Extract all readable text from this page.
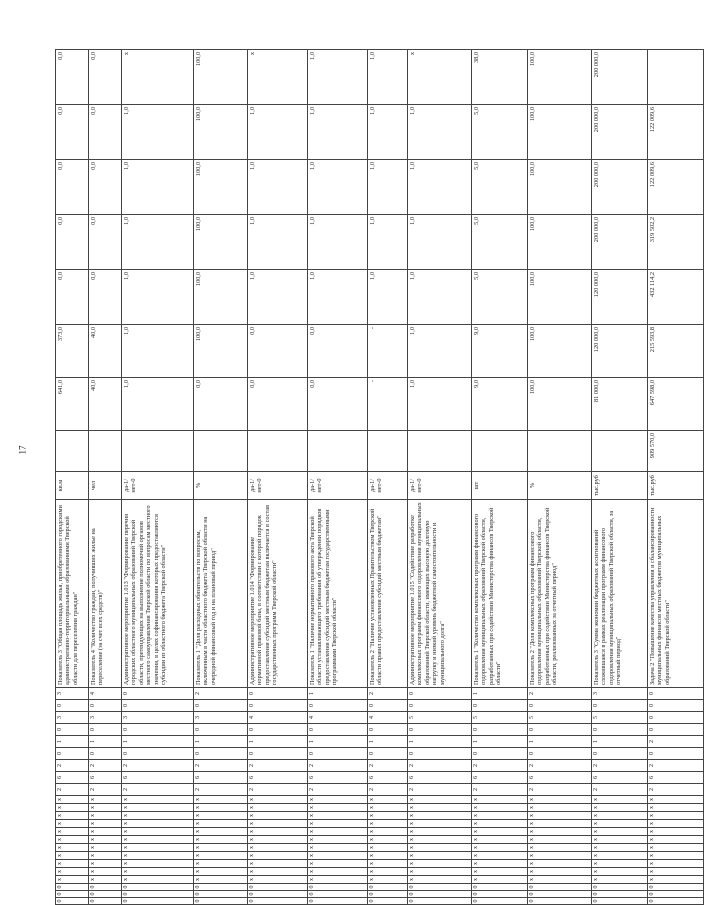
17
0	0	0	х	х	х	х	х	х	х	х	х	х	х	2	6	2	0	1	0	3	0	3	Показатель 3 "Общая площадь жилья, приобретенного городскими административно-территориальными образованиями Тверской области для переселения граждан"	кв.м		641,0	373,0	0,0	0,0	0,0	0,0	0,0
0	0	0	х	х	х	х	х	х	х	х	х	х	х	2	6	2	0	1	0	3	0	4	Показатель 4 "Количество граждан, получивших жилье на переселение (за счет всех средств)"	чел		40,0	40,0	0,0	0,0	0,0	0,0	0,0
0	0	0	х	х	х	х	х	х	х	х	х	х	х	2	6	2	0	1	0	3	0	0	Административное мероприятие 1.013 "Формирование перечня городских областного муниципальных образований Тверской области, претендующих на выполнение полномочий органов местного самоуправления Тверской области по вопросам местного значения, в целях софинансирования которых предоставляются субсидии из областного бюджета Тверской области"	да-1/нет-0		1,0	1,0	1,0	1,0	1,0	1,0	х
0	0	0	х	х	х	х	х	х	х	х	х	х	х	2	6	2	0	1	0	3	0	2	Показатель 1 "Доля расходных обязательств по вопросам, включенным в части областного бюджета Тверской области на очередной финансовый год и на плановый период"	%		0,0	100,0	100,0	100,0	100,0	100,0	100,0
0	0	0	х	х	х	х	х	х	х	х	х	х	х	2	6	2	0	1	0	4	0	0	Административное мероприятие 1.014 "Формирование нормативной правовой базы, в соответствии с которой порядок предоставления субсидий местным бюджетам включается в состав государственных программ Тверской области"	да-1/нет-0		0,0	0,0	1,0	1,0	1,0	1,0	х
0	0	0	х	х	х	х	х	х	х	х	х	х	х	2	6	2	0	1	0	4	0	1	Показатель 1 "Наличие нормативного правового акта Тверской области устанавливающего требования об утверждении порядков предоставления субсидий местным бюджетам государственными программами Тверской области"	да-1/нет-0		0,0	0,0	1,0	1,0	1,0	1,0	1,0
0	0	0	х	х	х	х	х	х	х	х	х	х	х	2	6	2	0	1	0	4	0	2	Показатель 2 "Наличие установленных Правительством Тверской области правил предоставления субсидий местным бюджетам"	да-1/нет-0		-	-	1,0	1,0	1,0	1,0	1,0
0	0	0	х	х	х	х	х	х	х	х	х	х	х	2	6	2	0	1	0	5	0	0	Административное мероприятие 1.015 "Содействие разработке комплексных программ финансового оздоровления муниципальных образований Тверской области, имеющих высокую долговую нагрузку и низкий уровень бюджетной самостоятельности и муниципального долга"	да-1/нет-0		1,0	1,0	1,0	1,0	1,0	1,0	х
0	0	0	х	х	х	х	х	х	х	х	х	х	х	2	6	2	0	1	0	5	0	1	Показатель 1 "Количество комплексных программ финансового оздоровления муниципальных образований Тверской области, разработанных при содействии Министерства финансов Тверской области"	шт		9,0	9,0	5,0	5,0	5,0	5,0	38,0
0	0	0	х	х	х	х	х	х	х	х	х	х	х	2	6	2	0	1	0	5	0	2	Показатель 2 "Доля комплексных программ финансового оздоровления муниципальных образований Тверской области, разработанных при содействии Министерства финансов Тверской области, реализованных за отчетный период"	%		100,0	100,0	100,0	100,0	100,0	100,0	100,0
0	0	0	х	х	х	х	х	х	х	х	х	х	х	2	6	2	0	1	0	5	0	3	Показатель 3 "Сумма экономии бюджетных ассигнований сложившаяся в рамках реализации программ финансового оздоровления муниципальных образований Тверской области, за отчетный период"	тыс.руб		81 000,0	120 000,0	120 000,0	200 000,0	200 000,0	200 000,0	200 000,0
0	0	0	х	х	х	х	х	х	х	х	х	х	х	2	6	2	0	2	0	0	0	0	Задача 2 "Повышение качества управления и сбалансированности муниципальных финансов местных бюджетов муниципальных образований Тверской области"	тыс.руб	909 570,0	647 598,0	215 593,8	432 114,2	319 502,2	122 009,6	122 009,6	
